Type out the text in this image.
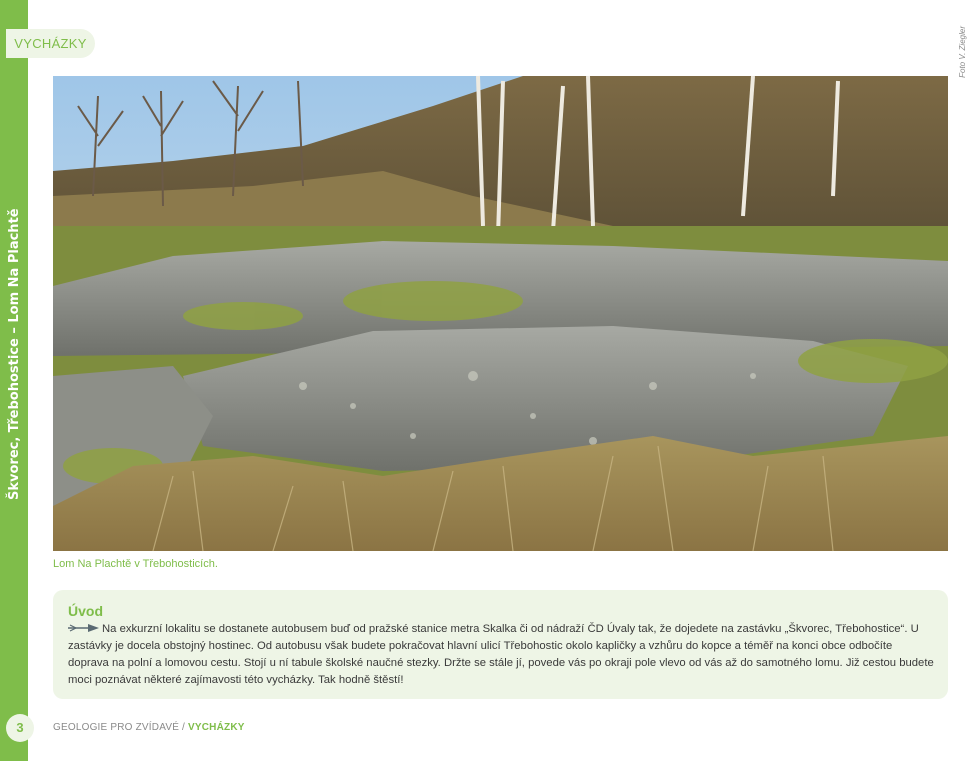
Škvorec, Třebohostice – Lom Na Plachtě
VYCHÁZKY	Foto V. Ziegler
Lom Na Plachtě v Třebohosticích.
Úvod
Na exkurzní lokalitu se dostanete autobusem buď od pražské stanice metra Skalka či od nádraží ČD Úvaly tak, že dojedete na zastávku „Škvorec, Třebohostice“. U zastávky je docela obstojný hostinec. Od autobusu však budete pokračovat hlavní ulicí Třebohostic okolo kapličky a vzhůru do kopce a téměř na konci obce odbočíte doprava na polní a lomovou cestu. Stojí u ní tabule školské naučné stezky. Držte se stále jí, povede vás po okraji pole vlevo od vás až do samotného lomu. Již cestou budete moci poznávat některé zajímavosti této vycházky. Tak hodně štěstí!
3	GEOLOGIE PRO ZVÍDAVÉ / VYCHÁZKY
